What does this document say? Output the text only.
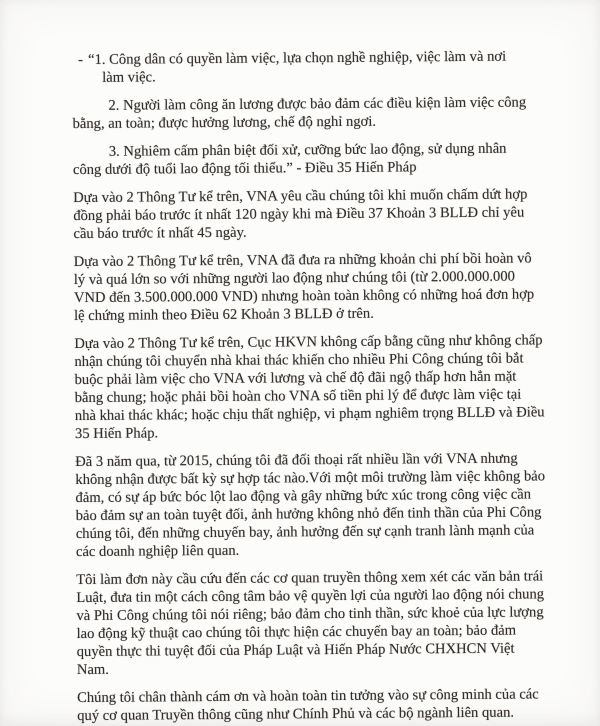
- “1. Công dân có quyền làm việc, lựa chọn nghề nghiệp, việc làm và nơi
làm việc.

2. Người làm công ăn lương được bảo đảm các điều kiện làm việc công
bằng, an toàn; được hưởng lương, chế độ nghỉ ngơi.

3. Nghiêm cấm phân biệt đối xử, cưỡng bức lao động, sử dụng nhân
công dưới độ tuổi lao động tối thiểu.” - Điều 35 Hiến Pháp

Dựa vào 2 Thông Tư kể trên, VNA yêu cầu chúng tôi khi muốn chấm dứt hợp
đồng phải báo trước ít nhất 120 ngày khi mà Điều 37 Khoản 3 BLLĐ chỉ yêu
cầu báo trước ít nhất 45 ngày.

Dựa vào 2 Thông Tư kể trên, VNA đã đưa ra những khoản chi phí bồi hoàn vô
lý và quá lớn so với những người lao động như chúng tôi (từ 2.000.000.000
VND đến 3.500.000.000 VND) nhưng hoàn toàn không có những hoá đơn hợp
lệ chứng minh theo Điều 62 Khoản 3 BLLĐ ở trên.

Dựa vào 2 Thông Tư kể trên, Cục HKVN không cấp bằng cũng như không chấp
nhận chúng tôi chuyển nhà khai thác khiến cho nhiều Phi Công chúng tôi bắt
buộc phải làm việc cho VNA với lương và chế độ đãi ngộ thấp hơn hẳn mặt
bằng chung; hoặc phải bồi hoàn cho VNA số tiền phi lý để được làm việc tại
nhà khai thác khác; hoặc chịu thất nghiệp, vi phạm nghiêm trọng BLLĐ và Điều
35 Hiến Pháp.

Đã 3 năm qua, từ 2015, chúng tôi đã đối thoại rất nhiều lần với VNA nhưng
không nhận được bất kỳ sự hợp tác nào.Với một môi trường làm việc không bảo
đảm, có sự áp bức bóc lột lao động và gây những bức xúc trong công việc cần
bảo đảm sự an toàn tuyệt đối, ảnh hưởng không nhỏ đến tinh thần của Phi Công
chúng tôi, đến những chuyến bay, ảnh hưởng đến sự cạnh tranh lành mạnh của
các doanh nghiệp liên quan.

Tôi làm đơn này cầu cứu đến các cơ quan truyền thông xem xét các văn bản trái
Luật, đưa tin một cách công tâm bảo vệ quyền lợi của người lao động nói chung
và Phi Công chúng tôi nói riêng; bảo đảm cho tinh thần, sức khoẻ của lực lượng
lao động kỹ thuật cao chúng tôi thực hiện các chuyến bay an toàn; bảo đảm
quyền thực thi tuyệt đối của Pháp Luật và Hiến Pháp Nước CHXHCN Việt
Nam.

Chúng tôi chân thành cám ơn và hoàn toàn tin tưởng vào sự công minh của các
quý cơ quan Truyền thông cũng như Chính Phủ và các bộ ngành liên quan.
